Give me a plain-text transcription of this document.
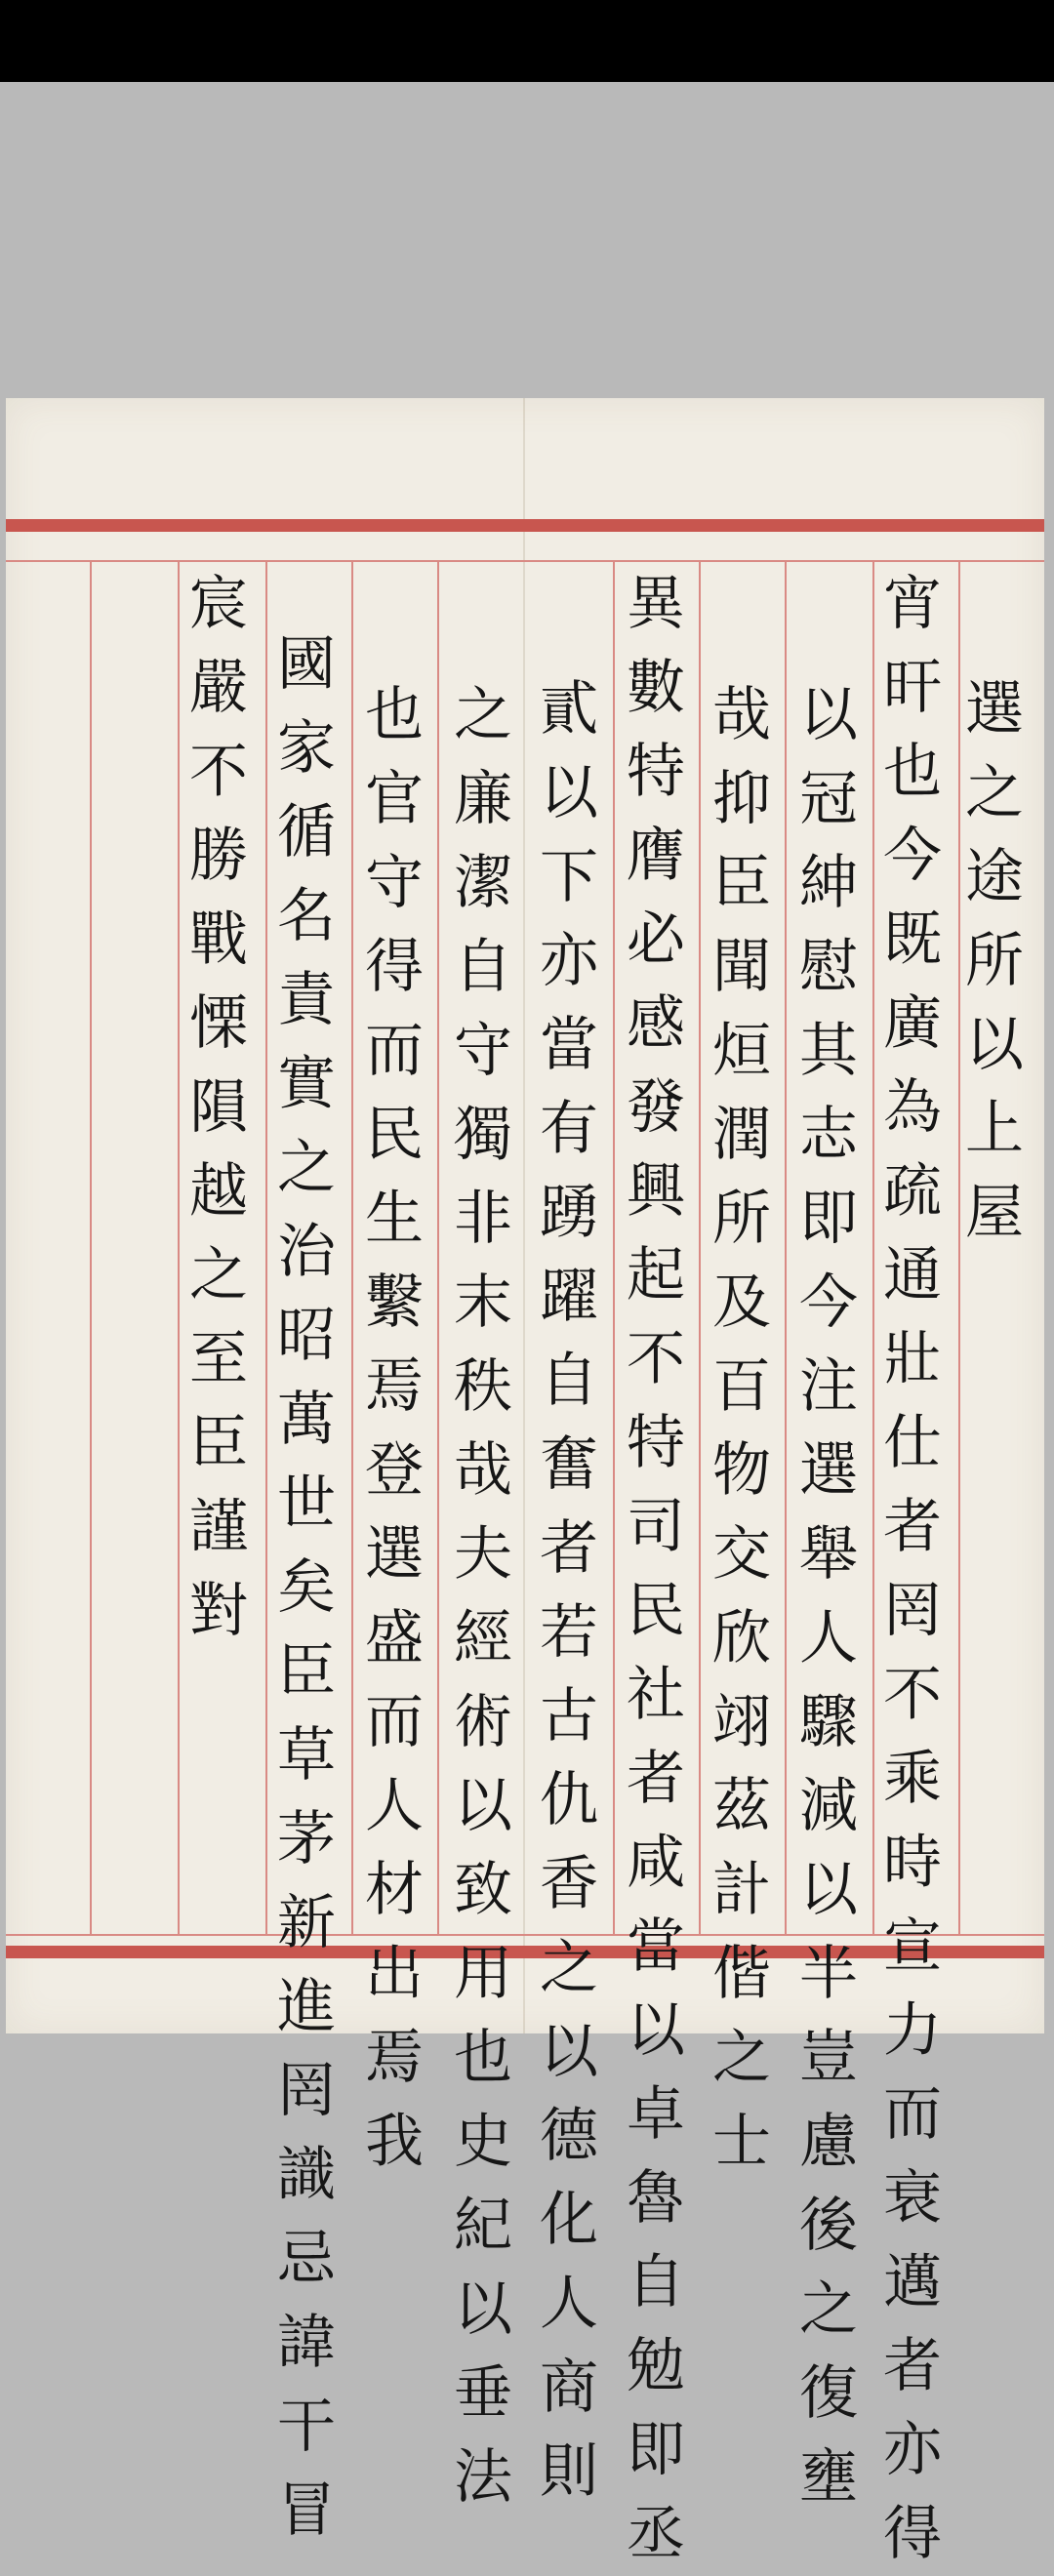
選
之
途
所
以
上
屋
宵
旰
也
今
既
廣
為
疏
通
壯
仕
者
罔
不
乘
時
宣
力
而
衰
邁
者
亦
得
以
冠
紳
慰
其
志
即
今
注
選
舉
人
驟
減
以
半
豈
慮
後
之
復
壅
哉
抑
臣
聞
烜
潤
所
及
百
物
交
欣
翊
茲
計
偕
之
士
異
數
特
膺
必
感
發
興
起
不
特
司
民
社
者
咸
當
以
卓
魯
自
勉
即
丞
貳
以
下
亦
當
有
踴
躍
自
奮
者
若
古
仇
香
之
以
德
化
人
商
則
之
廉
潔
自
守
獨
非
末
秩
哉
夫
經
術
以
致
用
也
史
紀
以
垂
法
也
官
守
得
而
民
生
繫
焉
登
選
盛
而
人
材
出
焉
我
國
家
循
名
責
實
之
治
昭
萬
世
矣
臣
草
茅
新
進
罔
識
忌
諱
干
冒
宸
嚴
不
勝
戰
慄
隕
越
之
至
臣
謹
對
